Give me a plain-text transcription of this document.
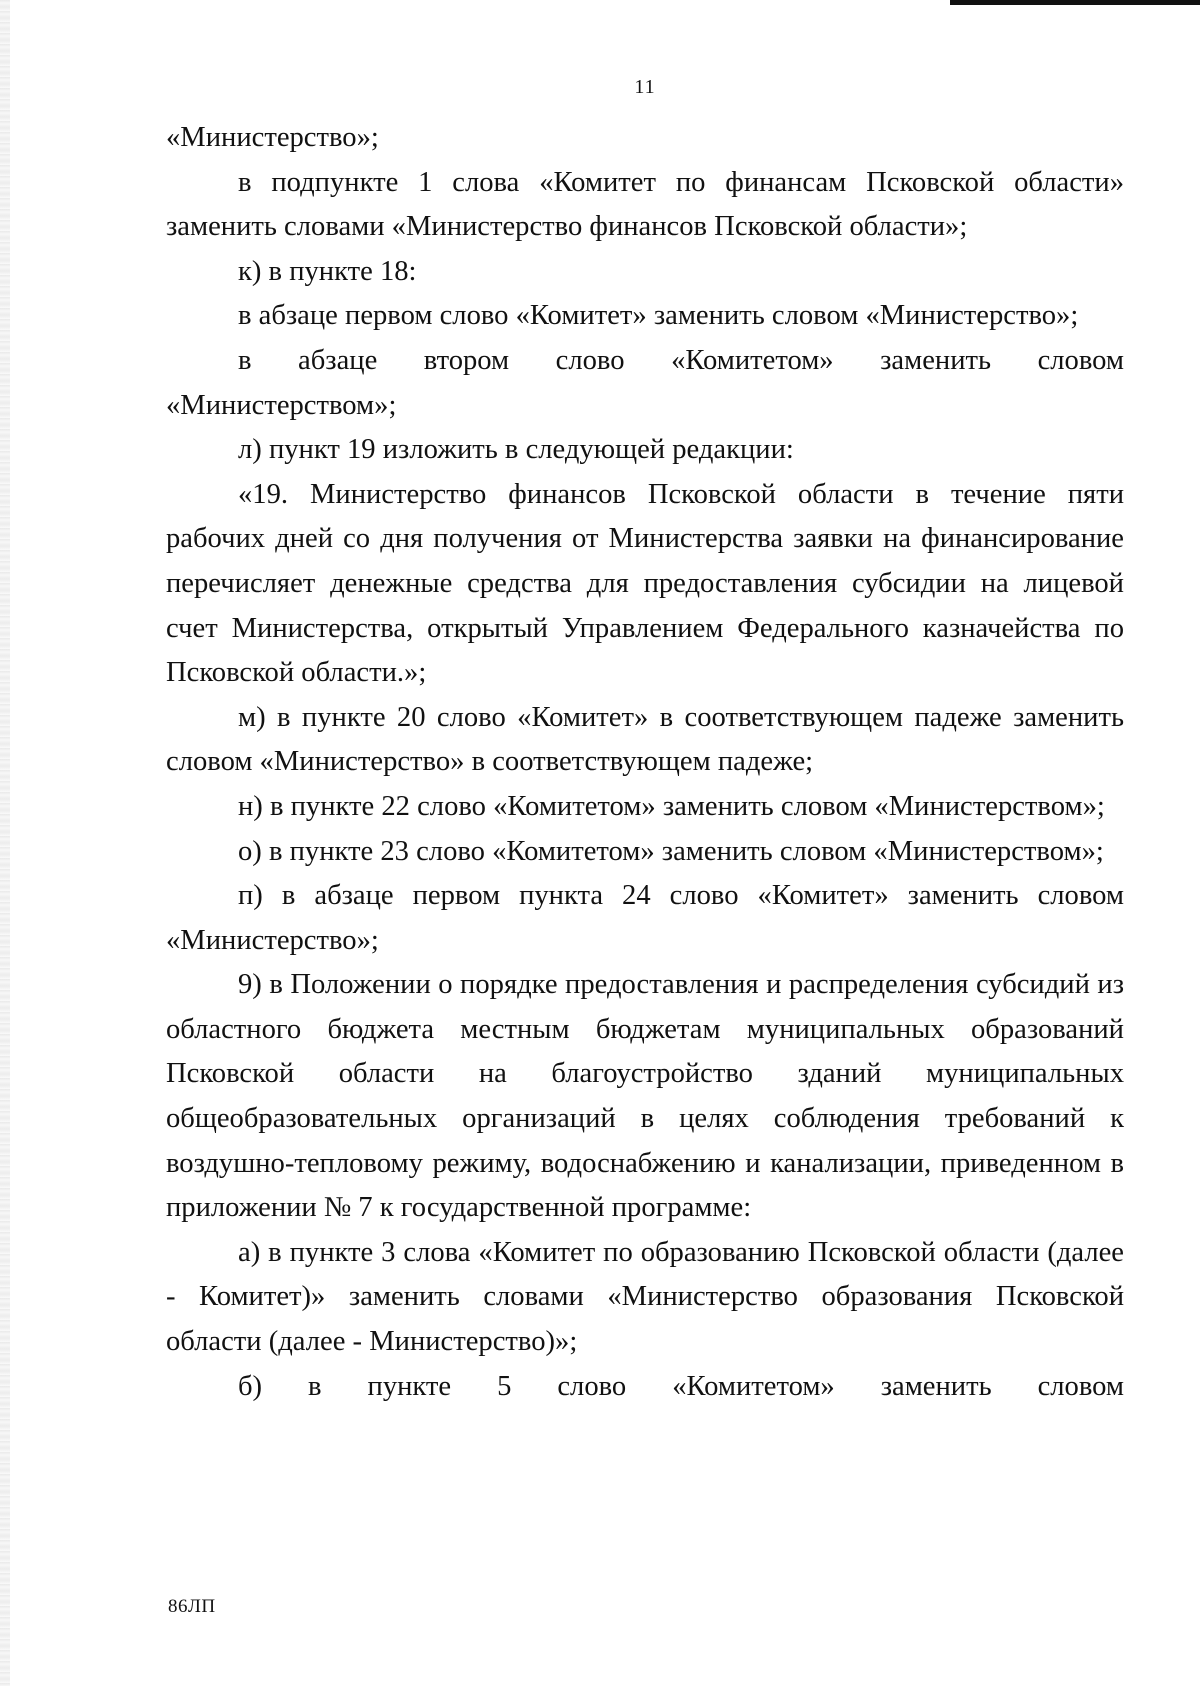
11

«Министерство»;

в подпункте 1 слова «Комитет по финансам Псковской области» заменить словами «Министерство финансов Псковской области»;

к) в пункте 18:

в абзаце первом слово «Комитет» заменить словом «Министерство»;

в абзаце втором слово «Комитетом» заменить словом «Министерством»;

л) пункт 19 изложить в следующей редакции:

«19. Министерство финансов Псковской области в течение пяти рабочих дней со дня получения от Министерства заявки на финансирование перечисляет денежные средства для предоставления субсидии на лицевой счет Министерства, открытый Управлением Федерального казначейства по Псковской области.»;

м) в пункте 20 слово «Комитет» в соответствующем падеже заменить словом «Министерство» в соответствующем падеже;

н) в пункте 22 слово «Комитетом» заменить словом «Министерством»;

о) в пункте 23 слово «Комитетом» заменить словом «Министерством»;

п) в абзаце первом пункта 24 слово «Комитет» заменить словом «Министерство»;

9) в Положении о порядке предоставления и распределения субсидий из областного бюджета местным бюджетам муниципальных образований Псковской области на благоустройство зданий муниципальных общеобразовательных организаций в целях соблюдения требований к воздушно-тепловому режиму, водоснабжению и канализации, приведенном в приложении № 7 к государственной программе:

а) в пункте 3 слова «Комитет по образованию Псковской области (далее - Комитет)» заменить словами «Министерство образования Псковской области (далее - Министерство)»;

б) в пункте 5 слово «Комитетом» заменить словом

86ЛП
